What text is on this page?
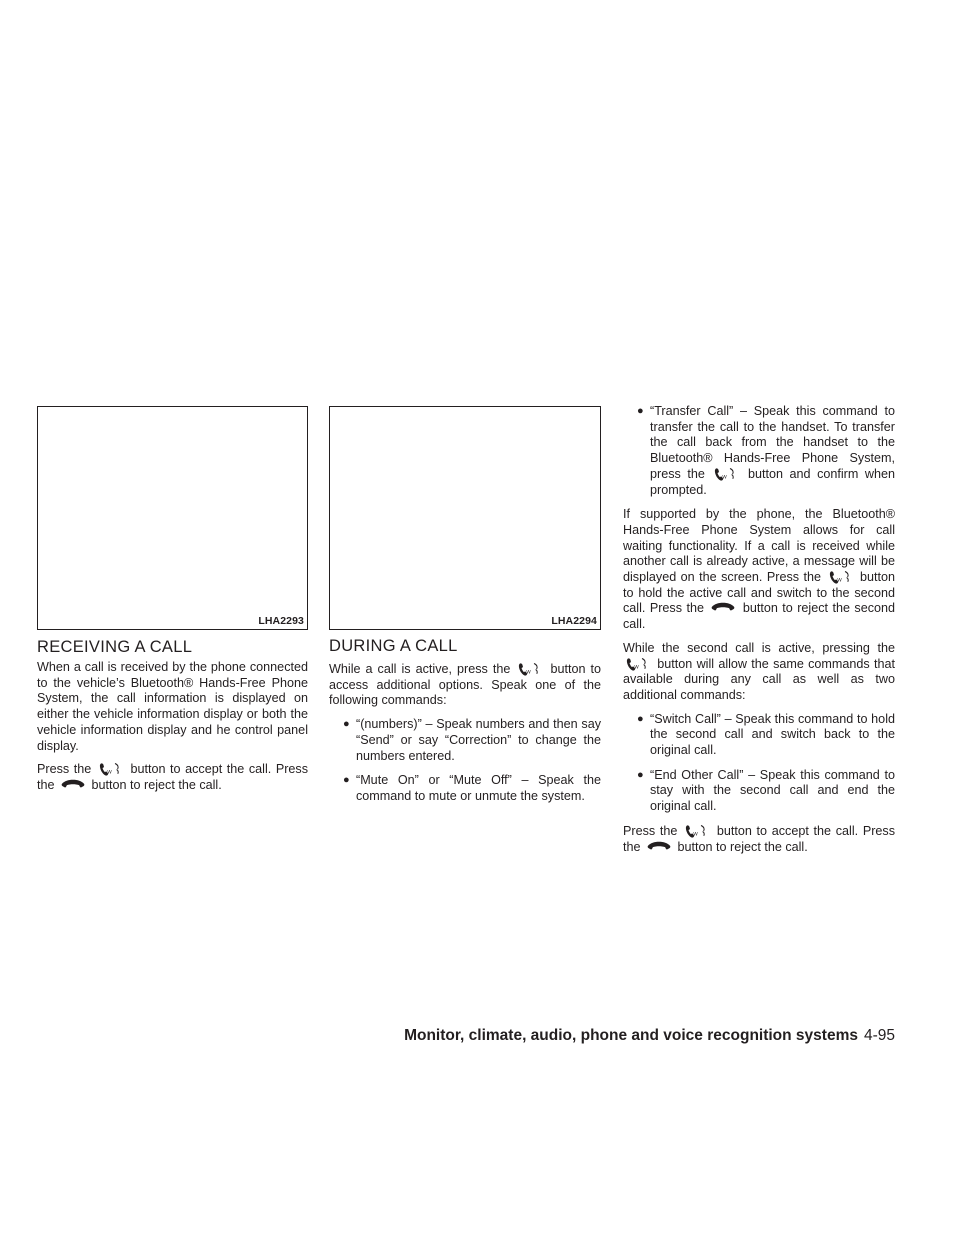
LHA2293
RECEIVING A CALL

When a call is received by the phone connected to the vehicle’s Bluetooth® Hands-Free Phone System, the call information is displayed on either the vehicle information display or both the vehicle information display and he control panel display.

Press the	W button to accept the call. Press the	button to reject the call.

LHA2294
DURING A CALL

While a call is active, press the	W button to access additional options. Speak one of the following commands:

● “(numbers)” – Speak numbers and then say “Send” or say “Correction” to change the numbers entered.
● “Mute On” or “Mute Off” – Speak the command to mute or unmute the system.
● “Transfer Call” – Speak this command to transfer the call to the handset. To transfer the call back from the handset to the Bluetooth® Hands-Free Phone System, press the	W button and confirm when prompted.

If supported by the phone, the Bluetooth® Hands-Free Phone System allows for call waiting functionality. If a call is received while another call is already active, a message will be displayed on the screen. Press the	W button to hold the active call and switch to the second call. Press the	button to reject the second call.

While the second call is active, pressing the
W button will allow the same commands that available during any call as well as two additional commands:

● “Switch Call” – Speak this command to hold the second call and switch back to the original call.
● “End Other Call” – Speak this command to stay with the second call and end the original call.

Press the	W button to accept the call. Press the	button to reject the call.

Monitor, climate, audio, phone and voice recognition systems 4-95
